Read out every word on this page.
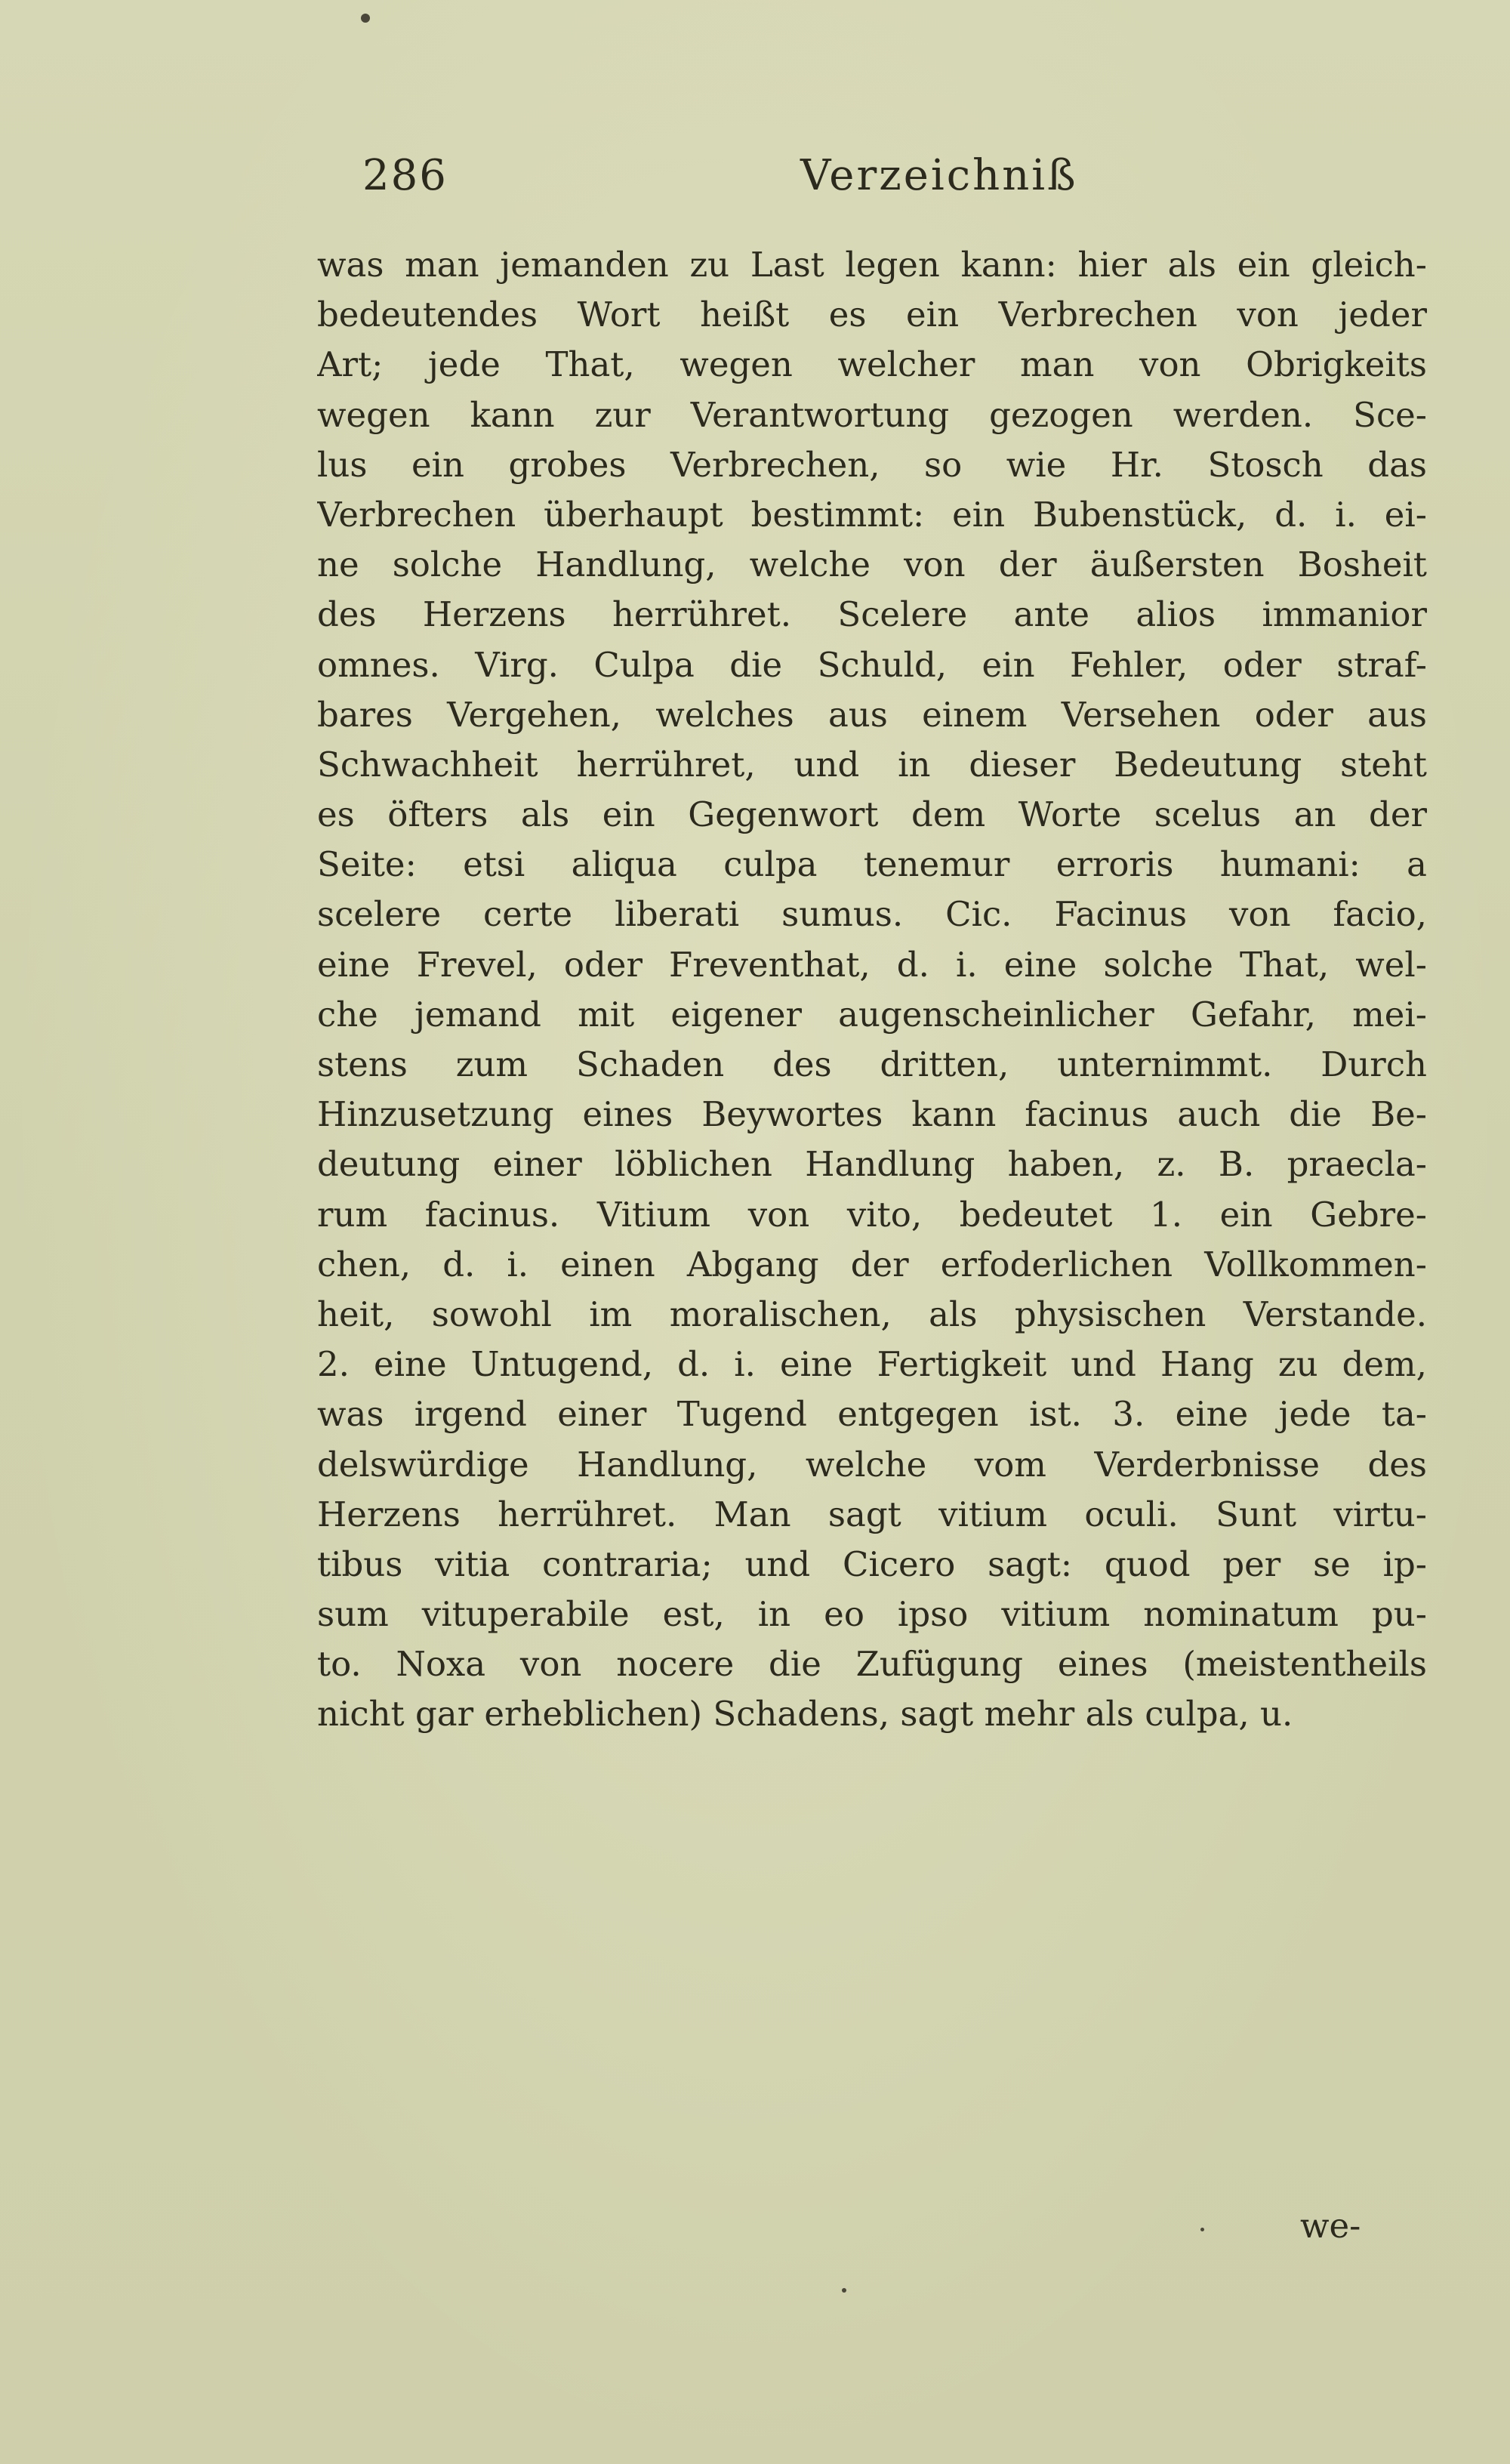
286	Verzeichniß
was man jemanden zu Last legen kann: hier als ein gleich-
bedeutendes Wort heißt es ein Verbrechen von jeder
Art; jede That, wegen welcher man von Obrigkeits
wegen kann zur Verantwortung gezogen werden. Sce-
lus ein grobes Verbrechen, so wie Hr. Stosch das
Verbrechen überhaupt bestimmt: ein Bubenstück, d. i. ei-
ne solche Handlung, welche von der äußersten Bosheit
des Herzens herrühret. Scelere ante alios immanior
omnes. Virg. Culpa die Schuld, ein Fehler, oder straf-
bares Vergehen, welches aus einem Versehen oder aus
Schwachheit herrühret, und in dieser Bedeutung steht
es öfters als ein Gegenwort dem Worte scelus an der
Seite: etsi aliqua culpa tenemur erroris humani: a
scelere certe liberati sumus. Cic. Facinus von facio,
eine Frevel, oder Freventhat, d. i. eine solche That, wel-
che jemand mit eigener augenscheinlicher Gefahr, mei-
stens zum Schaden des dritten, unternimmt. Durch
Hinzusetzung eines Beywortes kann facinus auch die Be-
deutung einer löblichen Handlung haben, z. B. praecla-
rum facinus. Vitium von vito, bedeutet 1. ein Gebre-
chen, d. i. einen Abgang der erfoderlichen Vollkommen-
heit, sowohl im moralischen, als physischen Verstande.
2. eine Untugend, d. i. eine Fertigkeit und Hang zu dem,
was irgend einer Tugend entgegen ist. 3. eine jede ta-
delswürdige Handlung, welche vom Verderbnisse des
Herzens herrühret. Man sagt vitium oculi. Sunt virtu-
tibus vitia contraria; und Cicero sagt: quod per se ip-
sum vituperabile est, in eo ipso vitium nominatum pu-
to. Noxa von nocere die Zufügung eines (meistentheils
nicht gar erheblichen) Schadens, sagt mehr als culpa, u.
we-
